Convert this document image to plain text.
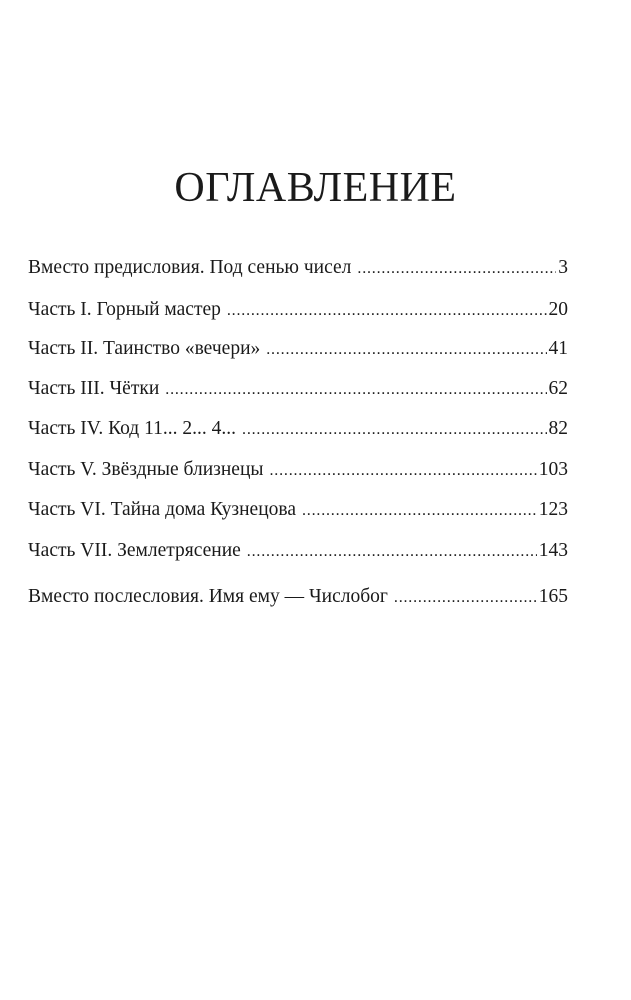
ОГЛАВЛЕНИЕ
Вместо предисловия. Под сенью чисел . . .	3
Часть I. Горный мастер . . .	20
Часть II. Таинство «вечери» . . .	41
Часть III. Чётки . . .	62
Часть IV. Код 11... 2... 4... . . .	82
Часть V. Звёздные близнецы . . .	103
Часть VI. Тайна дома Кузнецова . . .	123
Часть VII. Землетрясение . . .	143
Вместо послесловия. Имя ему — Числобог . . .	165
